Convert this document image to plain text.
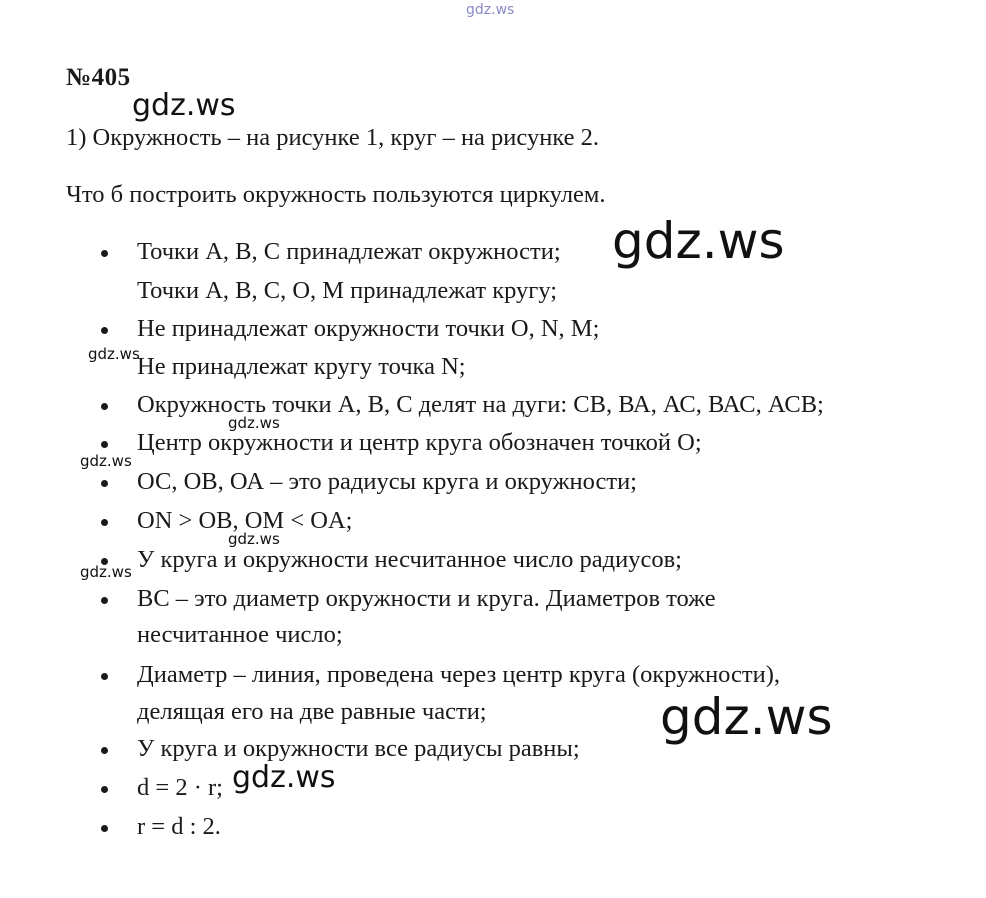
gdz.ws
№405
1) Окружность – на рисунке 1, круг – на рисунке 2.
Что б построить окружность пользуются циркулем.
Точки А, В, С принадлежат окружности;
Точки А, В, С, О, М принадлежат кругу;
Не принадлежат окружности точки О, N, M;
Не принадлежат кругу точка N;
Окружность точки А, В, С делят на дуги: СВ, ВА, АС, ВАС, АСВ;
Центр окружности и центр круга обозначен точкой О;
ОС, ОВ, ОА – это радиусы круга и окружности;
ON > OB, OM < OA;
У круга и окружности несчитанное число радиусов;
ВС – это диаметр окружности и круга. Диаметров тоже
несчитанное число;
Диаметр – линия, проведена через центр круга (окружности),
делящая его на две равные части;
У круга и окружности все радиусы равны;
d = 2 · r;
r = d : 2.
gdz.ws
gdz.ws
gdz.ws
gdz.ws
gdz.ws
gdz.ws
gdz.ws
gdz.ws
gdz.ws
